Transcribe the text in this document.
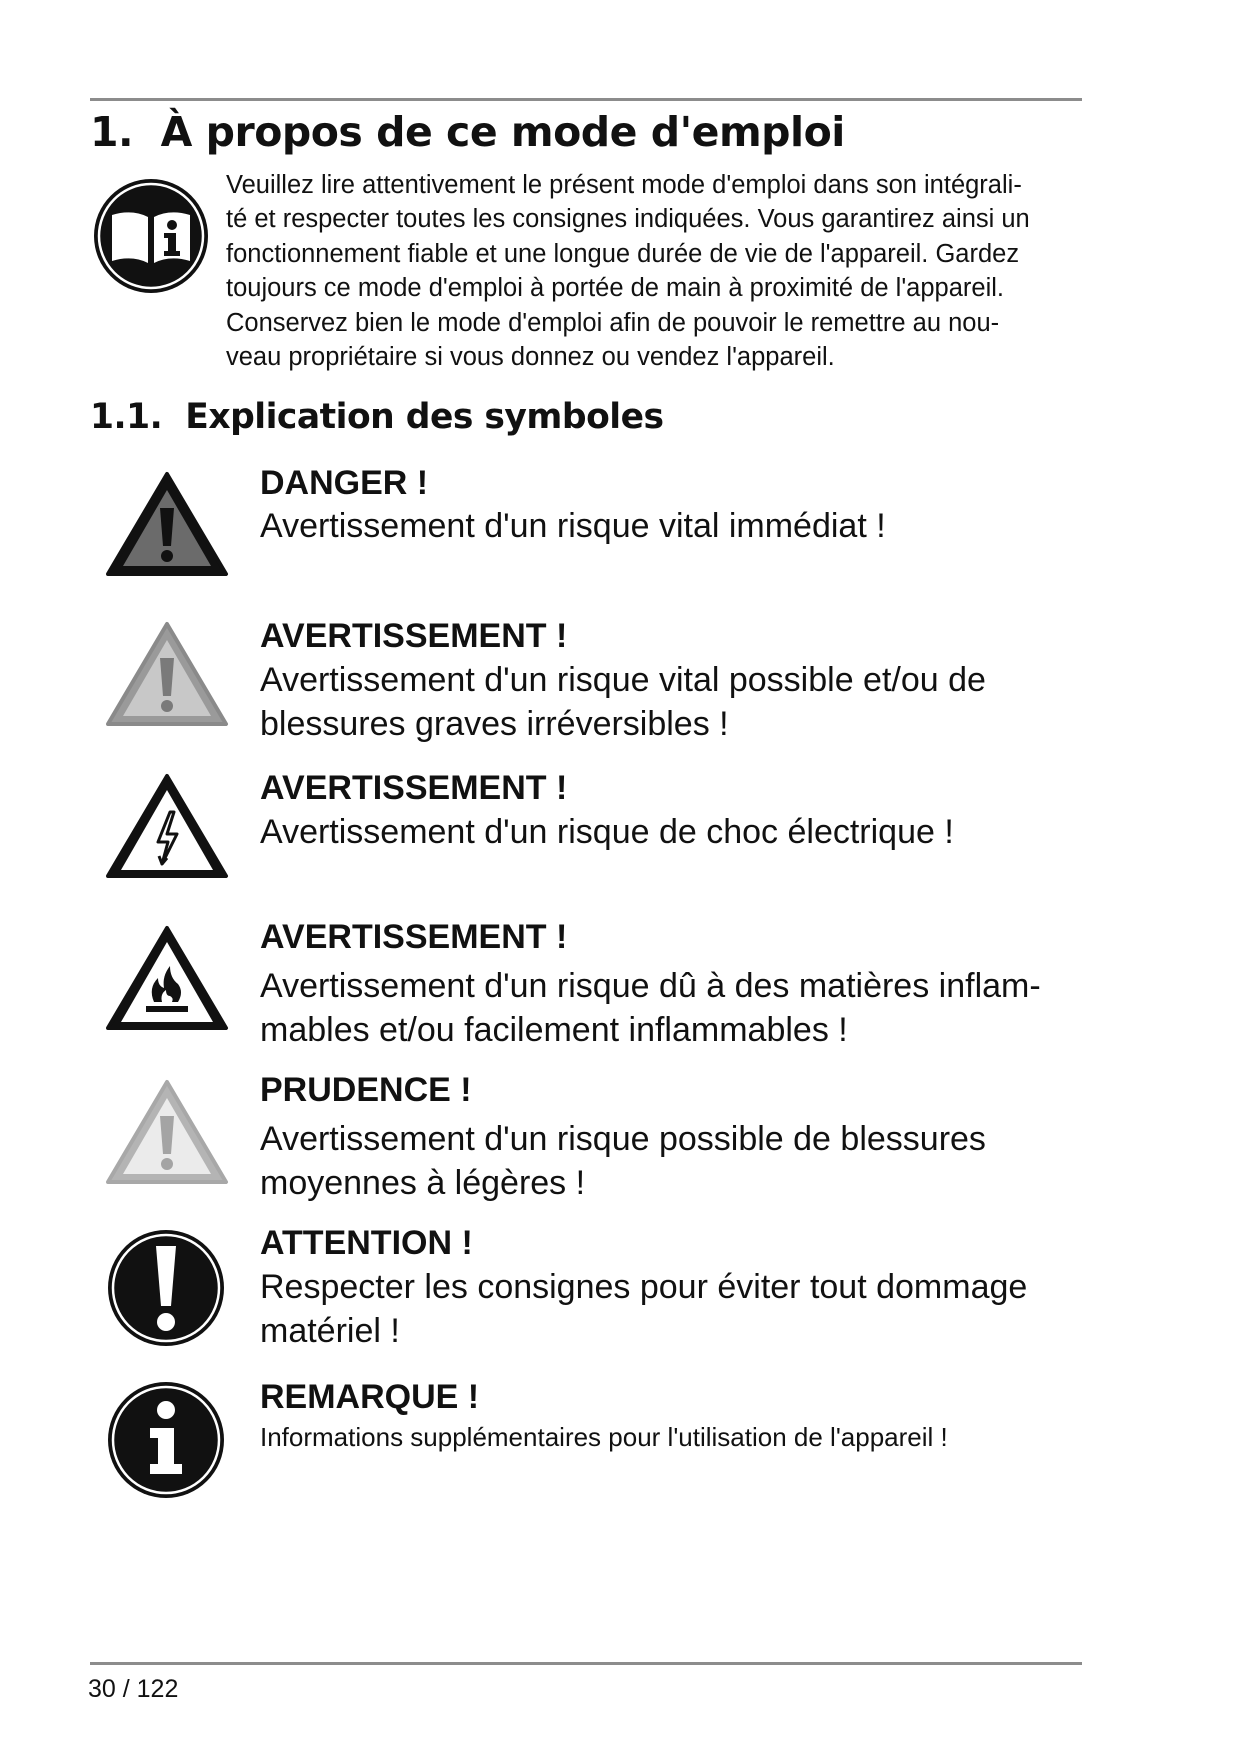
1. À propos de ce mode d'emploi

Veuillez lire attentivement le présent mode d'emploi dans son intégrali-
té et respecter toutes les consignes indiquées. Vous garantirez ainsi un
fonctionnement fiable et une longue durée de vie de l'appareil. Gardez
toujours ce mode d'emploi à portée de main à proximité de l'appareil.
Conservez bien le mode d'emploi afin de pouvoir le remettre au nou-
veau propriétaire si vous donnez ou vendez l'appareil.

1.1. Explication des symboles

DANGER !

Avertissement d'un risque vital immédiat !

AVERTISSEMENT !

Avertissement d'un risque vital possible et/ou de
blessures graves irréversibles !

AVERTISSEMENT !

Avertissement d'un risque de choc électrique !

AVERTISSEMENT !

Avertissement d'un risque dû à des matières inflam-
mables et/ou facilement inflammables !

PRUDENCE !

Avertissement d'un risque possible de blessures
moyennes à légères !

ATTENTION !

Respecter les consignes pour éviter tout dommage
matériel !

REMARQUE !

Informations supplémentaires pour l'utilisation de l'appareil !

30 / 122
